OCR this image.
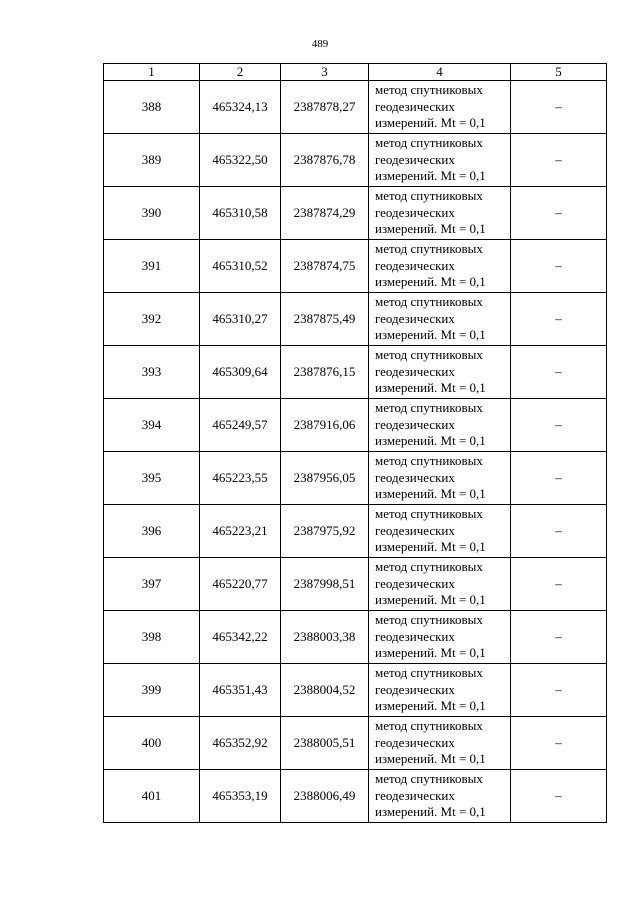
489
1	2	3	4	5
388	465324,13	2387878,27	метод спутниковых
геодезических
измерений. Mt = 0,1	–
389	465322,50	2387876,78	метод спутниковых
геодезических
измерений. Mt = 0,1	–
390	465310,58	2387874,29	метод спутниковых
геодезических
измерений. Mt = 0,1	–
391	465310,52	2387874,75	метод спутниковых
геодезических
измерений. Mt = 0,1	–
392	465310,27	2387875,49	метод спутниковых
геодезических
измерений. Mt = 0,1	–
393	465309,64	2387876,15	метод спутниковых
геодезических
измерений. Mt = 0,1	–
394	465249,57	2387916,06	метод спутниковых
геодезических
измерений. Mt = 0,1	–
395	465223,55	2387956,05	метод спутниковых
геодезических
измерений. Mt = 0,1	–
396	465223,21	2387975,92	метод спутниковых
геодезических
измерений. Mt = 0,1	–
397	465220,77	2387998,51	метод спутниковых
геодезических
измерений. Mt = 0,1	–
398	465342,22	2388003,38	метод спутниковых
геодезических
измерений. Mt = 0,1	–
399	465351,43	2388004,52	метод спутниковых
геодезических
измерений. Mt = 0,1	–
400	465352,92	2388005,51	метод спутниковых
геодезических
измерений. Mt = 0,1	–
401	465353,19	2388006,49	метод спутниковых
геодезических
измерений. Mt = 0,1	–
